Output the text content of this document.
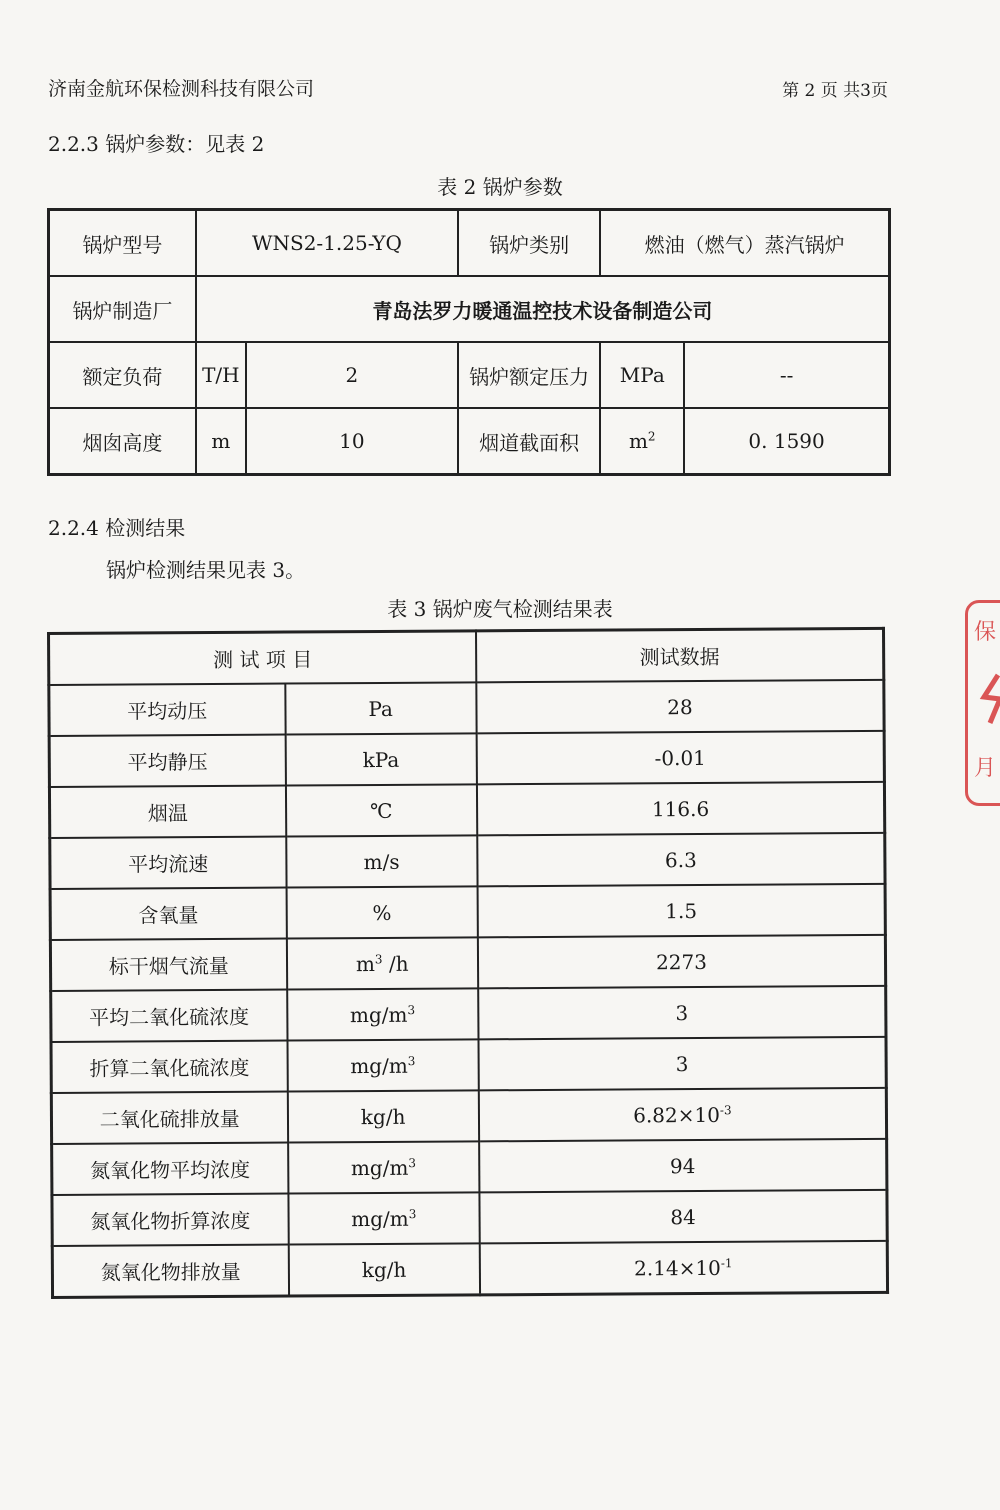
济南金航环保检测科技有限公司	第 2 页 共3页
2.2.3 锅炉参数：见表 2
表 2 锅炉参数
锅炉型号	WNS2-1.25-YQ		锅炉类别	燃油（燃气）蒸汽锅炉	
锅炉制造厂	青岛法罗力暖通温控技术设备制造公司				
额定负荷	T/H	2	锅炉额定压力	MPa	--
烟囱高度	m	10	烟道截面积	$m^2$	0. 1590
2.2.4 检测结果
锅炉检测结果见表 3。
表 3 锅炉废气检测结果表
测 试 项 目		测试数据
平均动压	Pa	28
平均静压	kPa	-0.01
烟温	℃	116.6
平均流速	m/s	6.3
含氧量	%	1.5
标干烟气流量	$m^3$ /h	2273
平均二氧化硫浓度	$mg/m^3$	3
折算二氧化硫浓度	$mg/m^3$	3
二氧化硫排放量	kg/h	$6.82\times 10^{-3}$
氮氧化物平均浓度	$mg/m^3$	94
氮氧化物折算浓度	$mg/m^3$	84
氮氧化物排放量	kg/h	$2.14\times 10^{-1}$
保
月
